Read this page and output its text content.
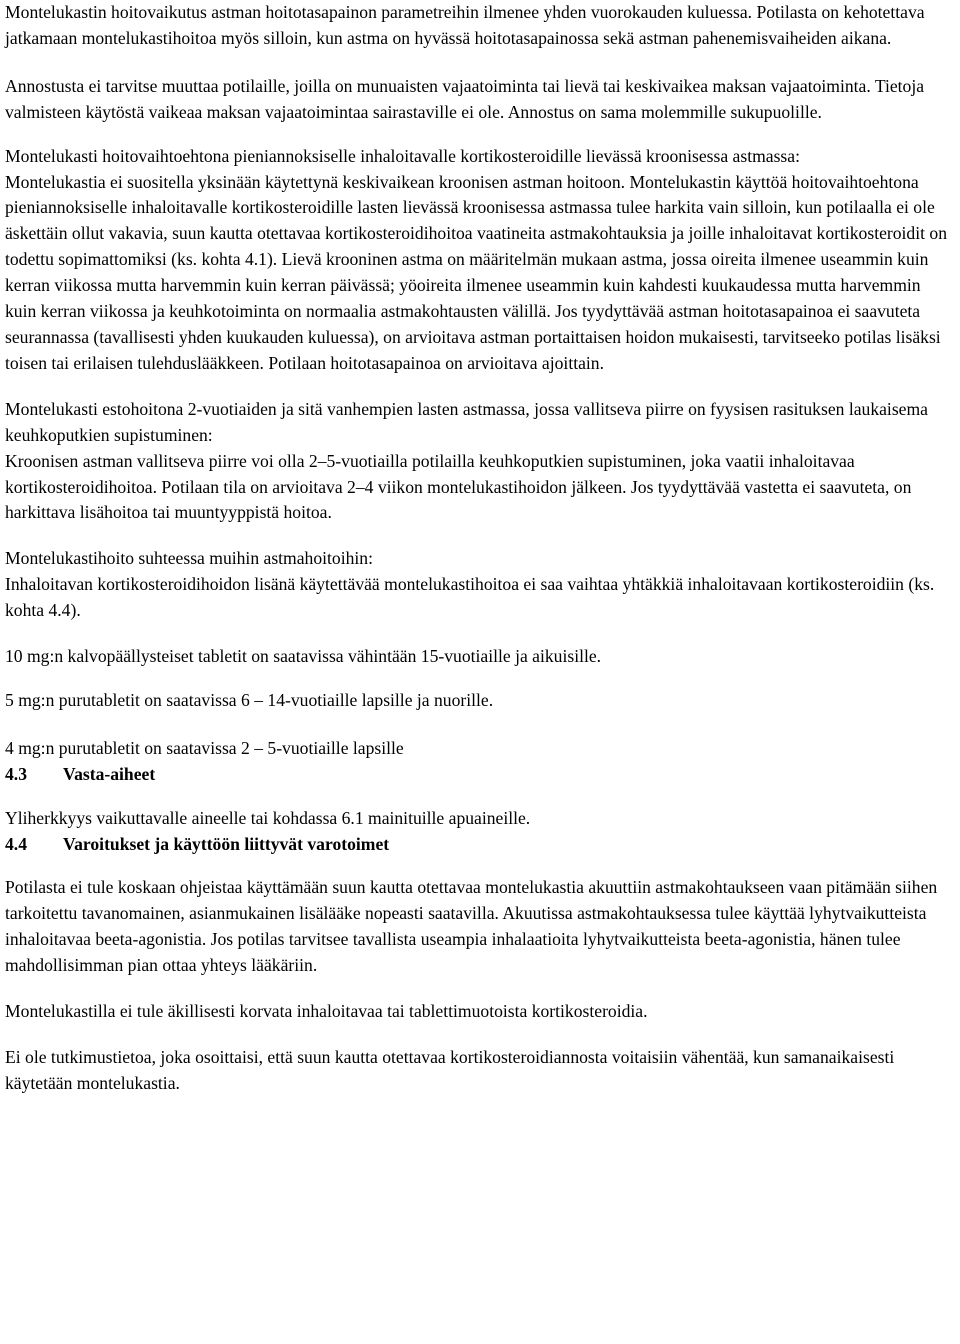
Montelukastin hoitovaikutus astman hoitotasapainon parametreihin ilmenee yhden vuorokauden kuluessa. Potilasta on kehotettava jatkamaan montelukastihoitoa myös silloin, kun astma on hyvässä hoitotasapainossa sekä astman pahenemisvaiheiden aikana.

Annostusta ei tarvitse muuttaa potilaille, joilla on munuaisten vajaatoiminta tai lievä tai keskivaikea maksan vajaatoiminta. Tietoja valmisteen käytöstä vaikeaa maksan vajaatoimintaa sairastaville ei ole. Annostus on sama molemmille sukupuolille.

Montelukasti hoitovaihtoehtona pieniannoksiselle inhaloitavalle kortikosteroidille lievässä kroonisessa astmassa:

Montelukastia ei suositella yksinään käytettynä keskivaikean kroonisen astman hoitoon. Montelukastin käyttöä hoitovaihtoehtona pieniannoksiselle inhaloitavalle kortikosteroidille lasten lievässä kroonisessa astmassa tulee harkita vain silloin, kun potilaalla ei ole äskettäin ollut vakavia, suun kautta otettavaa kortikosteroidihoitoa vaatineita astmakohtauksia ja joille inhaloitavat kortikosteroidit on todettu sopimattomiksi (ks. kohta 4.1). Lievä krooninen astma on määritelmän mukaan astma, jossa oireita ilmenee useammin kuin kerran viikossa mutta harvemmin kuin kerran päivässä; yöoireita ilmenee useammin kuin kahdesti kuukaudessa mutta harvemmin kuin kerran viikossa ja keuhkotoiminta on normaalia astmakohtausten välillä. Jos tyydyttävää astman hoitotasapainoa ei saavuteta seurannassa (tavallisesti yhden kuukauden kuluessa), on arvioitava astman portaittaisen hoidon mukaisesti, tarvitseeko potilas lisäksi toisen tai erilaisen tulehduslääkkeen. Potilaan hoitotasapainoa on arvioitava ajoittain.

Montelukasti estohoitona 2-vuotiaiden ja sitä vanhempien lasten astmassa, jossa vallitseva piirre on fyysisen rasituksen laukaisema keuhkoputkien supistuminen:

Kroonisen astman vallitseva piirre voi olla 2–5-vuotiailla potilailla keuhkoputkien supistuminen, joka vaatii inhaloitavaa kortikosteroidihoitoa. Potilaan tila on arvioitava 2–4 viikon montelukastihoidon jälkeen. Jos tyydyttävää vastetta ei saavuteta, on harkittava lisähoitoa tai muuntyyppistä hoitoa.

Montelukastihoito suhteessa muihin astmahoitoihin:

Inhaloitavan kortikosteroidihoidon lisänä käytettävää montelukastihoitoa ei saa vaihtaa yhtäkkiä inhaloitavaan kortikosteroidiin (ks. kohta 4.4).

10 mg:n kalvopäällysteiset tabletit on saatavissa vähintään 15-vuotiaille ja aikuisille.

5 mg:n purutabletit on saatavissa 6 – 14-vuotiaille lapsille ja nuorille.

4 mg:n purutabletit on saatavissa 2 – 5-vuotiaille lapsille

4.3 Vasta-aiheet

Yliherkkyys vaikuttavalle aineelle tai kohdassa 6.1 mainituille apuaineille.

4.4 Varoitukset ja käyttöön liittyvät varotoimet

Potilasta ei tule koskaan ohjeistaa käyttämään suun kautta otettavaa montelukastia akuuttiin astmakohtaukseen vaan pitämään siihen tarkoitettu tavanomainen, asianmukainen lisälääke nopeasti saatavilla. Akuutissa astmakohtauksessa tulee käyttää lyhytvaikutteista inhaloitavaa beeta-agonistia. Jos potilas tarvitsee tavallista useampia inhalaatioita lyhytvaikutteista beeta-agonistia, hänen tulee mahdollisimman pian ottaa yhteys lääkäriin.

Montelukastilla ei tule äkillisesti korvata inhaloitavaa tai tablettimuotoista kortikosteroidia.

Ei ole tutkimustietoa, joka osoittaisi, että suun kautta otettavaa kortikosteroidiannosta voitaisiin vähentää, kun samanaikaisesti käytetään montelukastia.
